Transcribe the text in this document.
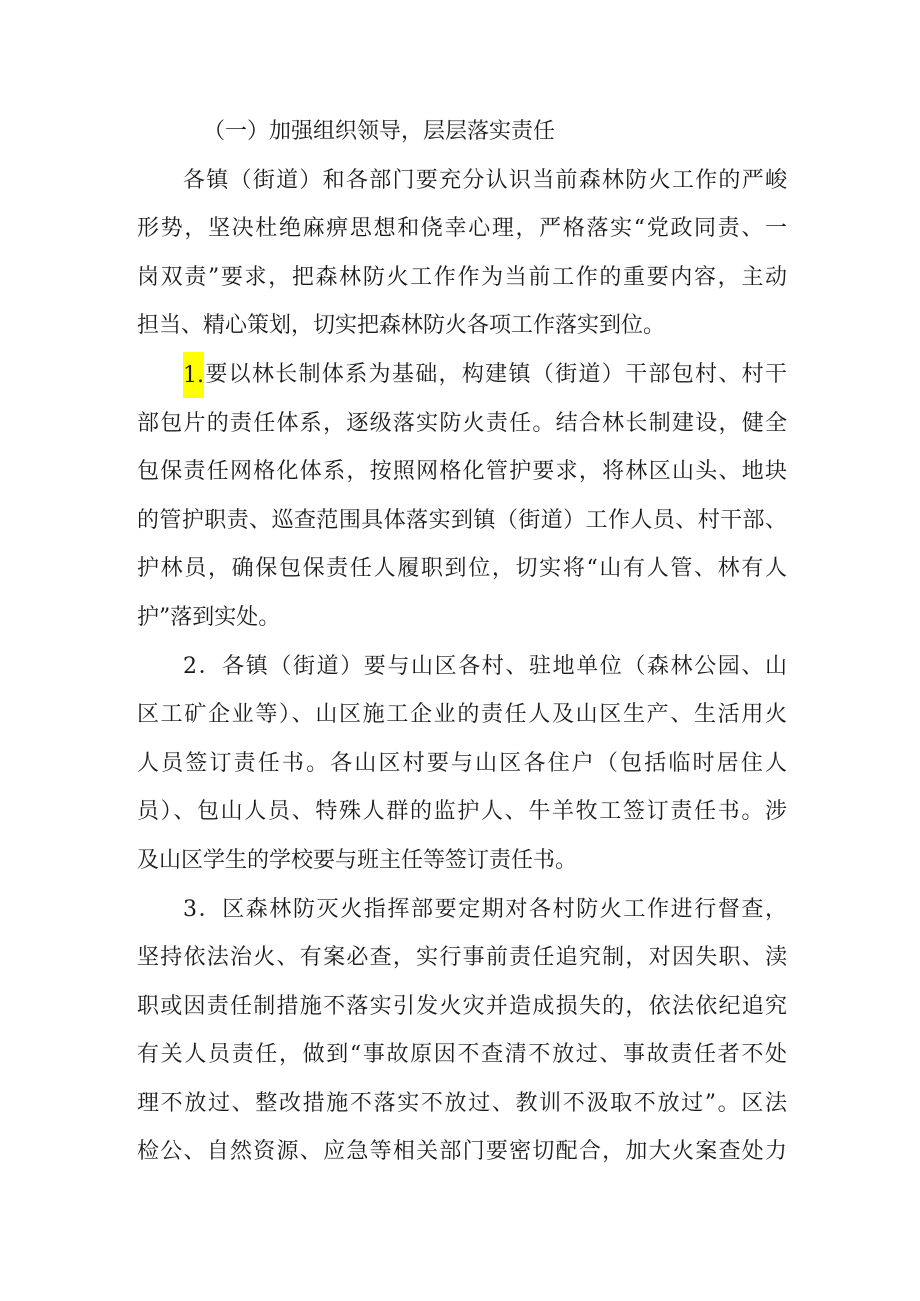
（一）加强组织领导，层层落实责任
各镇（街道）和各部门要充分认识当前森林防火工作的严峻
形势，坚决杜绝麻痹思想和侥幸心理，严格落实“党政同责、一
岗双责”要求，把森林防火工作作为当前工作的重要内容，主动
担当、精心策划，切实把森林防火各项工作落实到位。
1.要以林长制体系为基础，构建镇（街道）干部包村、村干
部包片的责任体系，逐级落实防火责任。结合林长制建设，健全
包保责任网格化体系，按照网格化管护要求，将林区山头、地块
的管护职责、巡查范围具体落实到镇（街道）工作人员、村干部、
护林员，确保包保责任人履职到位，切实将“山有人管、林有人
护”落到实处。
2．各镇（街道）要与山区各村、驻地单位（森林公园、山
区工矿企业等）、山区施工企业的责任人及山区生产、生活用火
人员签订责任书。各山区村要与山区各住户（包括临时居住人
员）、包山人员、特殊人群的监护人、牛羊牧工签订责任书。涉
及山区学生的学校要与班主任等签订责任书。
3．区森林防灭火指挥部要定期对各村防火工作进行督查，
坚持依法治火、有案必查，实行事前责任追究制，对因失职、渎
职或因责任制措施不落实引发火灾并造成损失的，依法依纪追究
有关人员责任，做到“事故原因不查清不放过、事故责任者不处
理不放过、整改措施不落实不放过、教训不汲取不放过”。区法
检公、自然资源、应急等相关部门要密切配合，加大火案查处力
